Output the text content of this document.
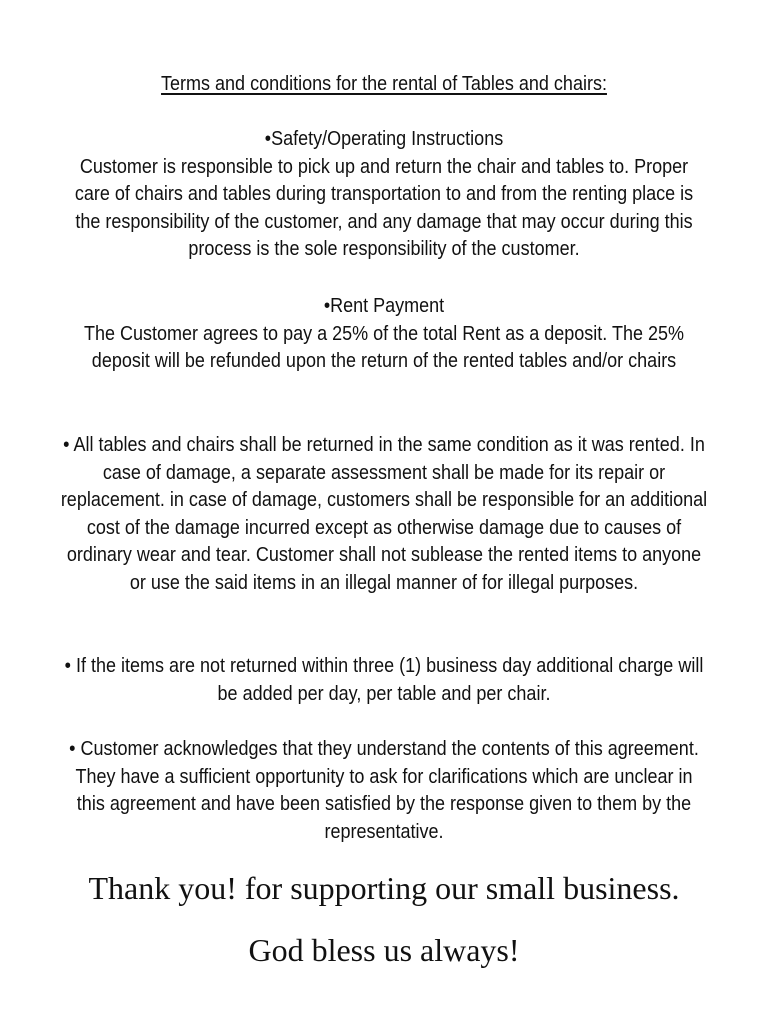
Terms and conditions for the rental of Tables and chairs:

•Safety/Operating Instructions
Customer is responsible to pick up and return the chair and tables to. Proper care of chairs and tables during transportation to and from the renting place is the responsibility of the customer, and any damage that may occur during this process is the sole responsibility of the customer.
•Rent Payment
The Customer agrees to pay a 25% of the total Rent as a deposit. The 25% deposit will be refunded upon the return of the rented tables and/or chairs
• All tables and chairs shall be returned in the same condition as it was rented. In case of damage, a separate assessment shall be made for its repair or replacement. in case of damage, customers shall be responsible for an additional cost of the damage incurred except as otherwise damage due to causes of ordinary wear and tear. Customer shall not sublease the rented items to anyone or use the said items in an illegal manner of for illegal purposes.
• If the items are not returned within three (1) business day additional charge will be added per day, per table and per chair.
• Customer acknowledges that they understand the contents of this agreement. They have a sufficient opportunity to ask for clarifications which are unclear in this agreement and have been satisfied by the response given to them by the representative.

Thank you! for supporting our small business.

God bless us always!
